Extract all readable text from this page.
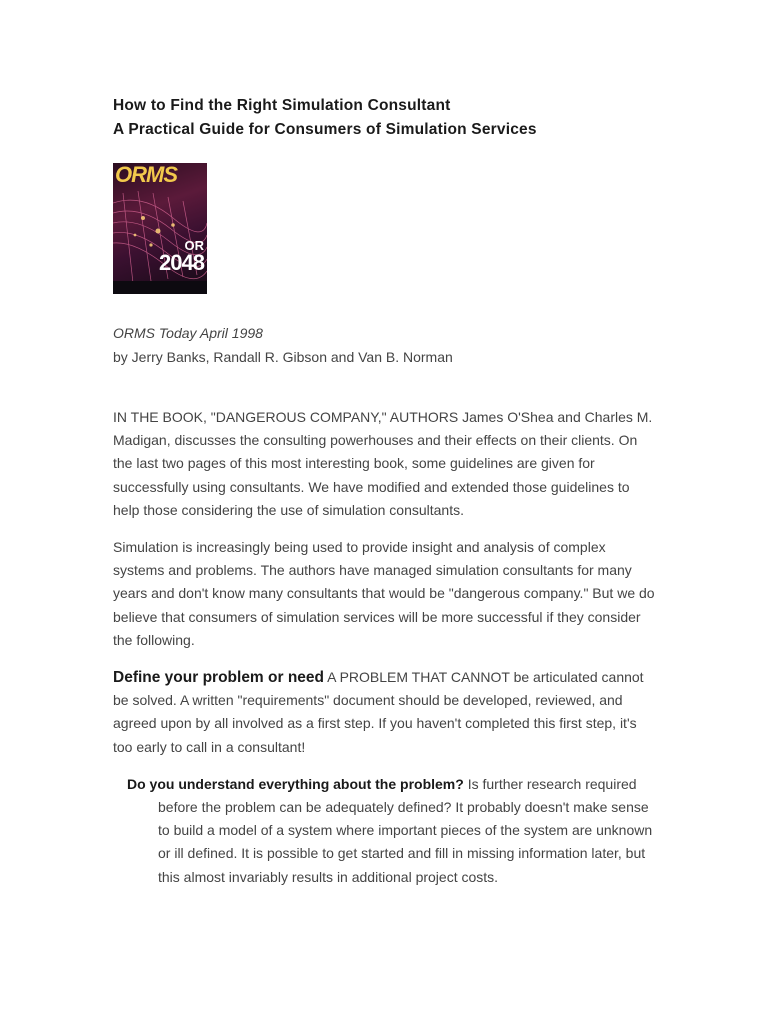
How to Find the Right Simulation Consultant
A Practical Guide for Consumers of Simulation Services
ORMS
OR
2048
ORMS Today April 1998
by Jerry Banks, Randall R. Gibson and Van B. Norman

IN THE BOOK, "DANGEROUS COMPANY," AUTHORS James O'Shea and Charles M. Madigan, discusses the consulting powerhouses and their effects on their clients. On the last two pages of this most interesting book, some guidelines are given for successfully using consultants. We have modified and extended those guidelines to help those considering the use of simulation consultants.

Simulation is increasingly being used to provide insight and analysis of complex systems and problems. The authors have managed simulation consultants for many years and don't know many consultants that would be "dangerous company." But we do believe that consumers of simulation services will be more successful if they consider the following.

Define your problem or need A PROBLEM THAT CANNOT be articulated cannot be solved. A written "requirements" document should be developed, reviewed, and agreed upon by all involved as a first step. If you haven't completed this first step, it's too early to call in a consultant!

Do you understand everything about the problem? Is further research required before the problem can be adequately defined? It probably doesn't make sense to build a model of a system where important pieces of the system are unknown or ill defined. It is possible to get started and fill in missing information later, but this almost invariably results in additional project costs.
